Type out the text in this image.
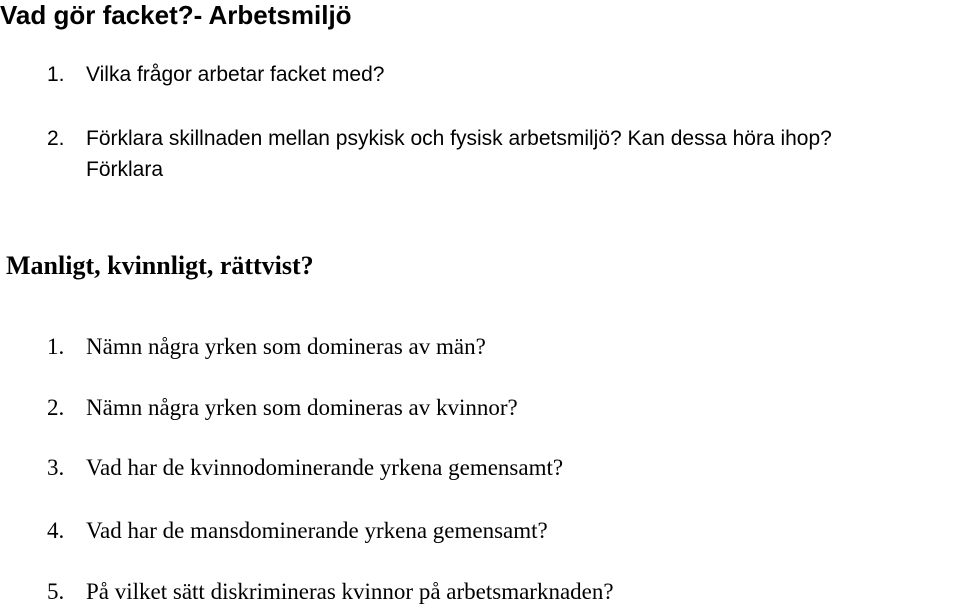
Vad gör facket?- Arbetsmiljö
1. Vilka frågor arbetar facket med?
2. Förklara skillnaden mellan psykisk och fysisk arbetsmiljö? Kan dessa höra ihop?

Förklara

Manligt, kvinnligt, rättvist?
1. Nämn några yrken som domineras av män?
2. Nämn några yrken som domineras av kvinnor?
3. Vad har de kvinnodominerande yrkena gemensamt?
4. Vad har de mansdominerande yrkena gemensamt?
5. På vilket sätt diskrimineras kvinnor på arbetsmarknaden?
